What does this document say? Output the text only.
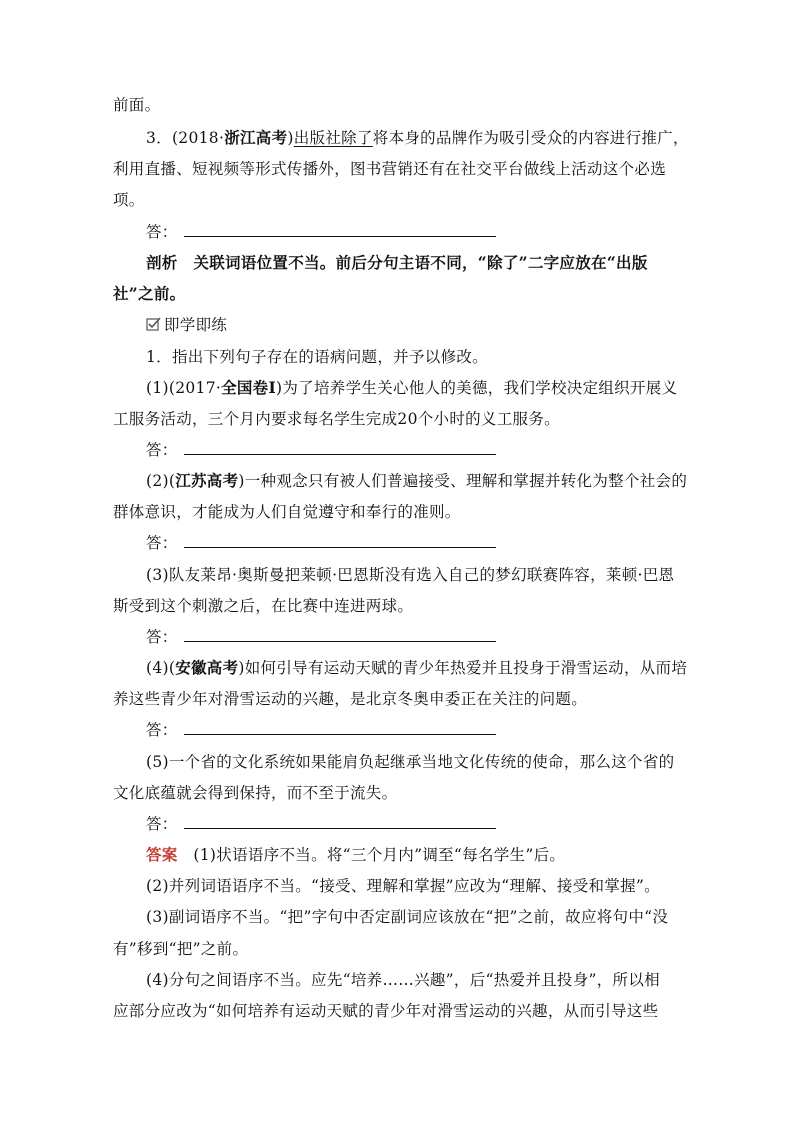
前面。
3．(2018·浙江高考)出版社除了将本身的品牌作为吸引受众的内容进行推广，
利用直播、短视频等形式传播外，图书营销还有在社交平台做线上活动这个必选
项。
答：
剖析　关联词语位置不当。前后分句主语不同，“除了”二字应放在“出版
社”之前。
即学即练
1．指出下列句子存在的语病问题，并予以修改。
(1)(2017·全国卷Ⅰ)为了培养学生关心他人的美德，我们学校决定组织开展义
工服务活动，三个月内要求每名学生完成20个小时的义工服务。
答：
(2)(江苏高考)一种观念只有被人们普遍接受、理解和掌握并转化为整个社会的
群体意识，才能成为人们自觉遵守和奉行的准则。
答：
(3)队友莱昂·奥斯曼把莱顿·巴恩斯没有选入自己的梦幻联赛阵容，莱顿·巴恩
斯受到这个刺激之后，在比赛中连进两球。
答：
(4)(安徽高考)如何引导有运动天赋的青少年热爱并且投身于滑雪运动，从而培
养这些青少年对滑雪运动的兴趣，是北京冬奥申委正在关注的问题。
答：
(5)一个省的文化系统如果能肩负起继承当地文化传统的使命，那么这个省的
文化底蕴就会得到保持，而不至于流失。
答：
答案　 (1)状语语序不当。将“三个月内”调至“每名学生”后。
(2)并列词语语序不当。“接受、理解和掌握”应改为“理解、接受和掌握”。
(3)副词语序不当。“把”字句中否定副词应该放在“把”之前，故应将句中“没
有”移到“把”之前。
(4)分句之间语序不当。应先“培养……兴趣”，后“热爱并且投身”，所以相
应部分应改为“如何培养有运动天赋的青少年对滑雪运动的兴趣，从而引导这些
